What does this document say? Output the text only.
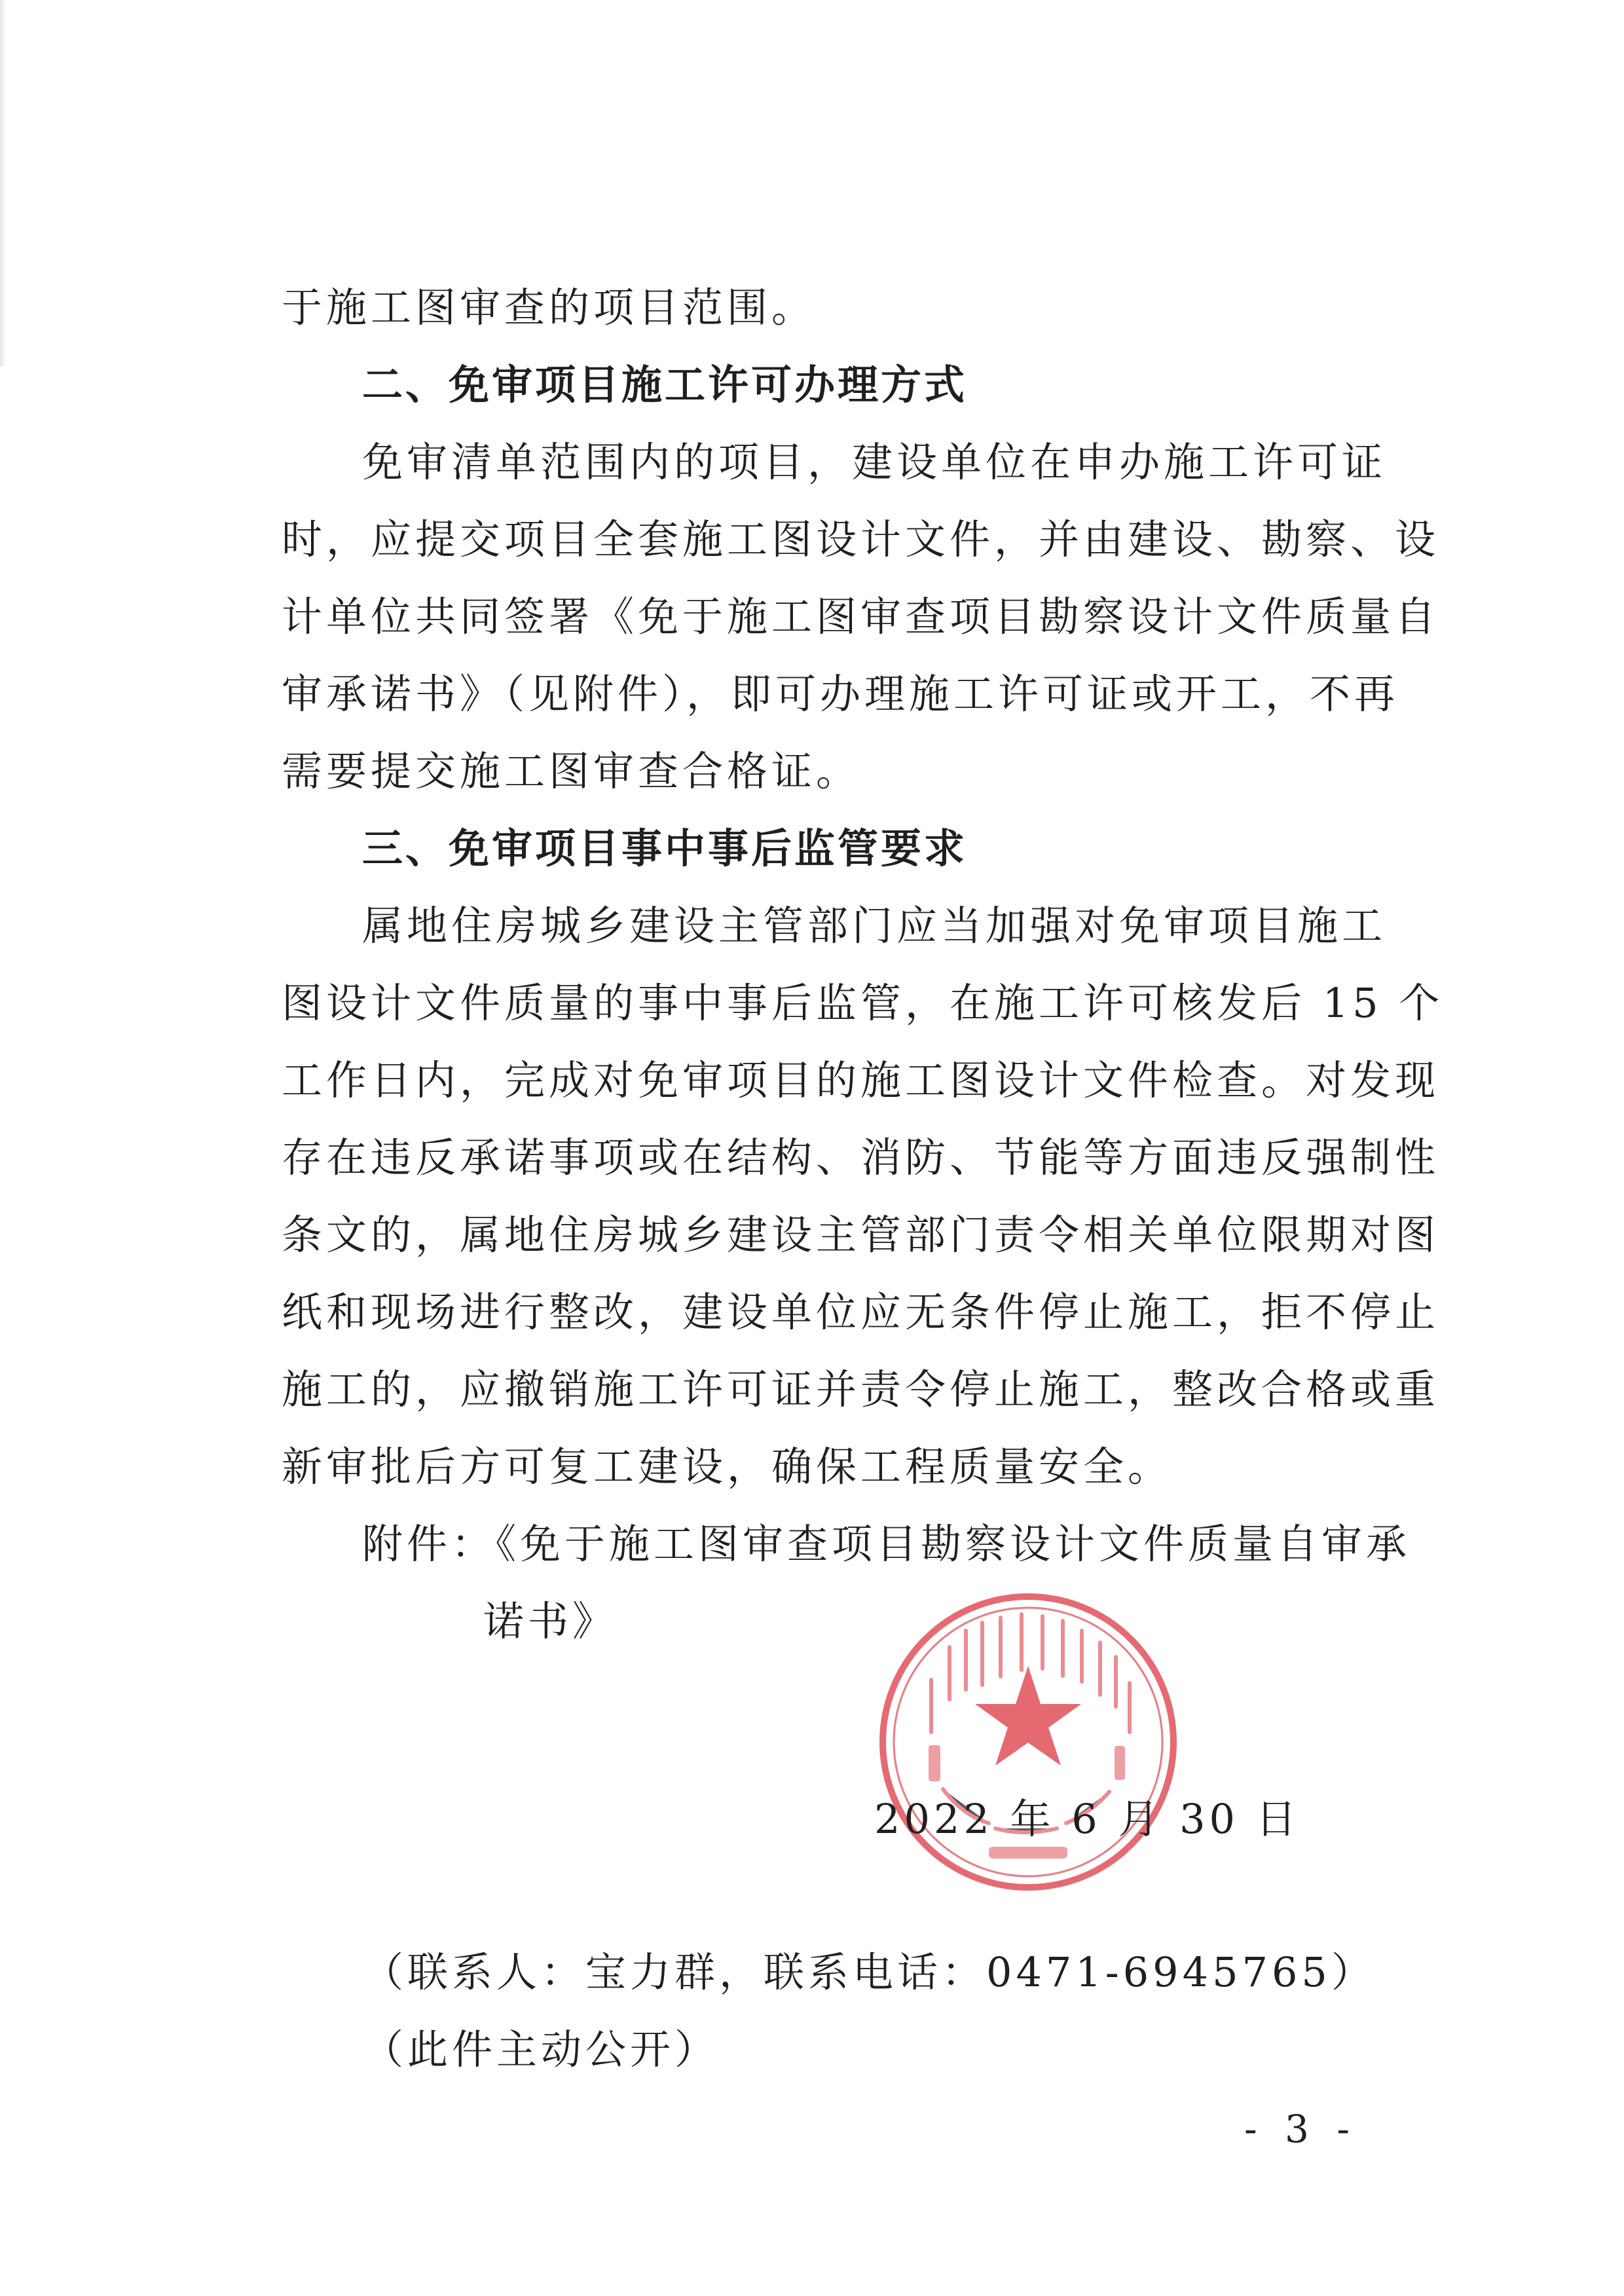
于施工图审查的项目范围。
二、免审项目施工许可办理方式
免审清单范围内的项目，建设单位在申办施工许可证
时，应提交项目全套施工图设计文件，并由建设、勘察、设
计单位共同签署《免于施工图审查项目勘察设计文件质量自
审承诺书》（见附件），即可办理施工许可证或开工，不再
需要提交施工图审查合格证。
三、免审项目事中事后监管要求
属地住房城乡建设主管部门应当加强对免审项目施工
图设计文件质量的事中事后监管，在施工许可核发后 15 个
工作日内，完成对免审项目的施工图设计文件检查。对发现
存在违反承诺事项或在结构、消防、节能等方面违反强制性
条文的，属地住房城乡建设主管部门责令相关单位限期对图
纸和现场进行整改，建设单位应无条件停止施工，拒不停止
施工的，应撤销施工许可证并责令停止施工，整改合格或重
新审批后方可复工建设，确保工程质量安全。
附件：《免于施工图审查项目勘察设计文件质量自审承
诺书》
2022 年 6 月 30 日
（联系人：宝力群，联系电话：0471-6945765）
（此件主动公开）
- 3 -
